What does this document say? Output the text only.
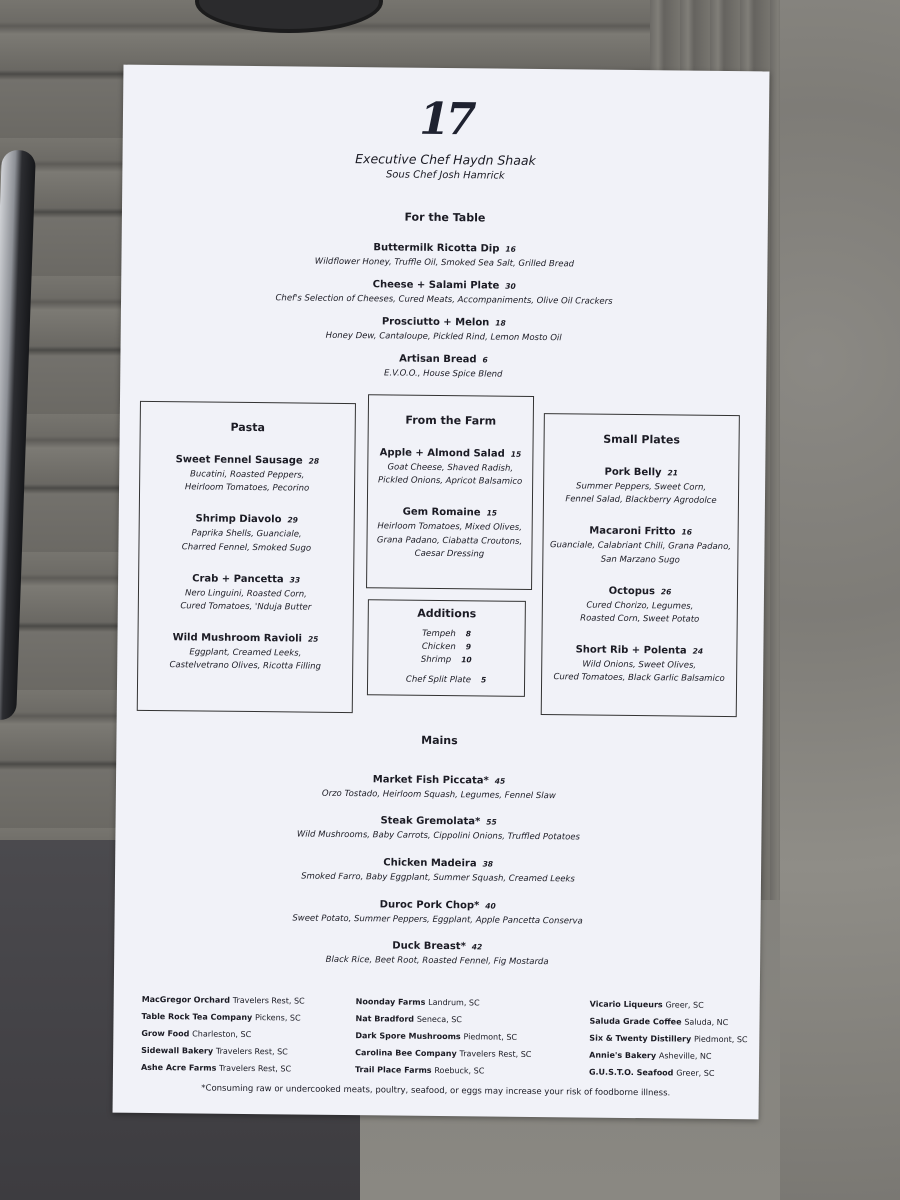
17
Executive Chef Haydn Shaak
Sous Chef Josh Hamrick
For the Table
Buttermilk Ricotta Dip 16
Wildflower Honey, Truffle Oil, Smoked Sea Salt, Grilled Bread
Cheese + Salami Plate 30
Chef's Selection of Cheeses, Cured Meats, Accompaniments, Olive Oil Crackers
Prosciutto + Melon 18
Honey Dew, Cantaloupe, Pickled Rind, Lemon Mosto Oil
Artisan Bread 6
E.V.O.O., House Spice Blend
Pasta
Sweet Fennel Sausage 28
Bucatini, Roasted Peppers,
Heirloom Tomatoes, Pecorino
Shrimp Diavolo 29
Paprika Shells, Guanciale,
Charred Fennel, Smoked Sugo
Crab + Pancetta 33
Nero Linguini, Roasted Corn,
Cured Tomatoes, 'Nduja Butter
Wild Mushroom Ravioli 25
Eggplant, Creamed Leeks,
Castelvetrano Olives, Ricotta Filling
From the Farm
Apple + Almond Salad 15
Goat Cheese, Shaved Radish,
Pickled Onions, Apricot Balsamico
Gem Romaine 15
Heirloom Tomatoes, Mixed Olives,
Grana Padano, Ciabatta Croutons,
Caesar Dressing
Additions
Tempeh 8
Chicken 9
Shrimp 10
Chef Split Plate 5
Small Plates
Pork Belly 21
Summer Peppers, Sweet Corn,
Fennel Salad, Blackberry Agrodolce
Macaroni Fritto 16
Guanciale, Calabriant Chili, Grana Padano,
San Marzano Sugo
Octopus 26
Cured Chorizo, Legumes,
Roasted Corn, Sweet Potato
Short Rib + Polenta 24
Wild Onions, Sweet Olives,
Cured Tomatoes, Black Garlic Balsamico
Mains
Market Fish Piccata* 45
Orzo Tostado, Heirloom Squash, Legumes, Fennel Slaw
Steak Gremolata* 55
Wild Mushrooms, Baby Carrots, Cippolini Onions, Truffled Potatoes
Chicken Madeira 38
Smoked Farro, Baby Eggplant, Summer Squash, Creamed Leeks
Duroc Pork Chop* 40
Sweet Potato, Summer Peppers, Eggplant, Apple Pancetta Conserva
Duck Breast* 42
Black Rice, Beet Root, Roasted Fennel, Fig Mostarda
MacGregor Orchard Travelers Rest, SC
Table Rock Tea Company Pickens, SC
Grow Food Charleston, SC
Sidewall Bakery Travelers Rest, SC
Ashe Acre Farms Travelers Rest, SC
Noonday Farms Landrum, SC
Nat Bradford Seneca, SC
Dark Spore Mushrooms Piedmont, SC
Carolina Bee Company Travelers Rest, SC
Trail Place Farms Roebuck, SC
Vicario Liqueurs Greer, SC
Saluda Grade Coffee Saluda, NC
Six & Twenty Distillery Piedmont, SC
Annie's Bakery Asheville, NC
G.U.S.T.O. Seafood Greer, SC
*Consuming raw or undercooked meats, poultry, seafood, or eggs may increase your risk of foodborne illness.
